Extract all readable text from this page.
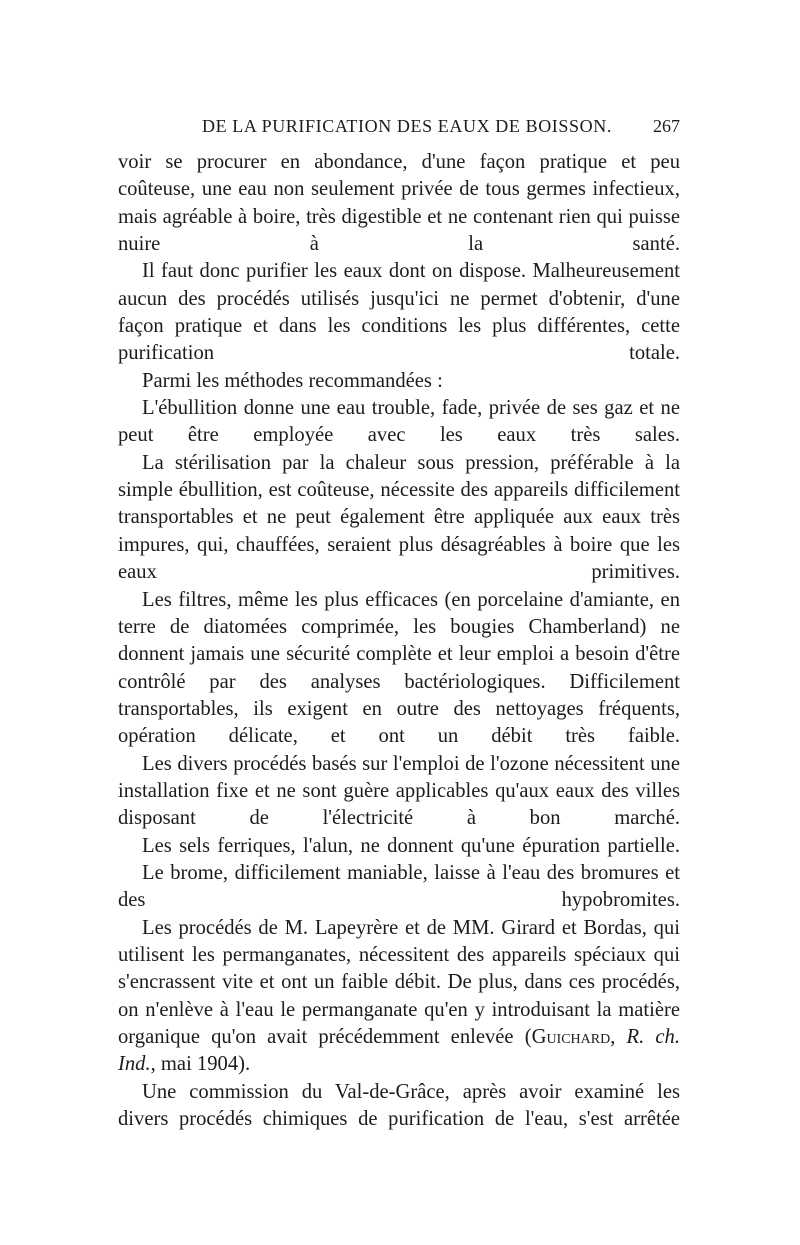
DE LA PURIFICATION DES EAUX DE BOISSON. 267
voir se procurer en abondance, d'une façon pratique et peu coûteuse, une eau non seulement privée de tous germes infectieux, mais agréable à boire, très digestible et ne contenant rien qui puisse nuire à la santé.
Il faut donc purifier les eaux dont on dispose. Malheureusement aucun des procédés utilisés jusqu'ici ne permet d'obtenir, d'une façon pratique et dans les conditions les plus différentes, cette purification totale.
Parmi les méthodes recommandées :
L'ébullition donne une eau trouble, fade, privée de ses gaz et ne peut être employée avec les eaux très sales.
La stérilisation par la chaleur sous pression, préférable à la simple ébullition, est coûteuse, nécessite des appareils difficilement transportables et ne peut également être appliquée aux eaux très impures, qui, chauffées, seraient plus désagréables à boire que les eaux primitives.
Les filtres, même les plus efficaces (en porcelaine d'amiante, en terre de diatomées comprimée, les bougies Chamberland) ne donnent jamais une sécurité complète et leur emploi a besoin d'être contrôlé par des analyses bactériologiques. Difficilement transportables, ils exigent en outre des nettoyages fréquents, opération délicate, et ont un débit très faible.
Les divers procédés basés sur l'emploi de l'ozone nécessitent une installation fixe et ne sont guère applicables qu'aux eaux des villes disposant de l'électricité à bon marché.
Les sels ferriques, l'alun, ne donnent qu'une épuration partielle.
Le brome, difficilement maniable, laisse à l'eau des bromures et des hypobromites.
Les procédés de M. Lapeyrère et de MM. Girard et Bordas, qui utilisent les permanganates, nécessitent des appareils spéciaux qui s'encrassent vite et ont un faible débit. De plus, dans ces procédés, on n'enlève à l'eau le permanganate qu'en y introduisant la matière organique qu'on avait précédemment enlevée (Guichard, R. ch. Ind., mai 1904).
Une commission du Val-de-Grâce, après avoir examiné les divers procédés chimiques de purification de l'eau, s'est arrêtée
